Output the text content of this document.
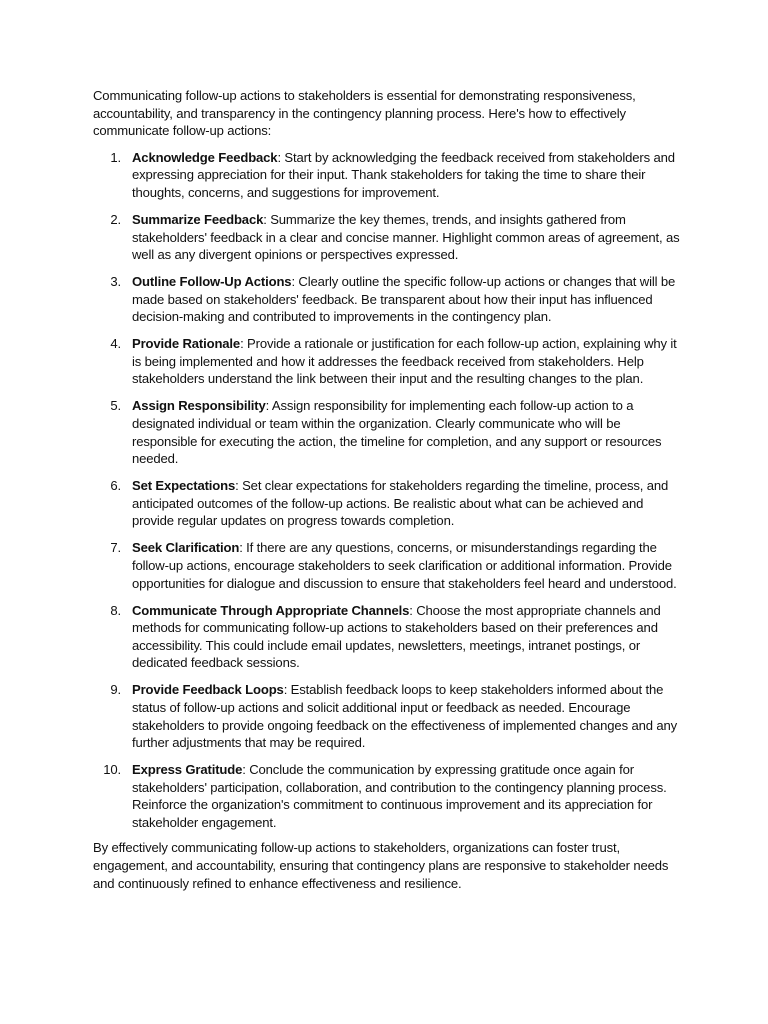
Communicating follow-up actions to stakeholders is essential for demonstrating responsiveness, accountability, and transparency in the contingency planning process. Here's how to effectively communicate follow-up actions:

1. Acknowledge Feedback: Start by acknowledging the feedback received from stakeholders and expressing appreciation for their input. Thank stakeholders for taking the time to share their thoughts, concerns, and suggestions for improvement.
2. Summarize Feedback: Summarize the key themes, trends, and insights gathered from stakeholders' feedback in a clear and concise manner. Highlight common areas of agreement, as well as any divergent opinions or perspectives expressed.
3. Outline Follow-Up Actions: Clearly outline the specific follow-up actions or changes that will be made based on stakeholders' feedback. Be transparent about how their input has influenced decision-making and contributed to improvements in the contingency plan.
4. Provide Rationale: Provide a rationale or justification for each follow-up action, explaining why it is being implemented and how it addresses the feedback received from stakeholders. Help stakeholders understand the link between their input and the resulting changes to the plan.
5. Assign Responsibility: Assign responsibility for implementing each follow-up action to a designated individual or team within the organization. Clearly communicate who will be responsible for executing the action, the timeline for completion, and any support or resources needed.
6. Set Expectations: Set clear expectations for stakeholders regarding the timeline, process, and anticipated outcomes of the follow-up actions. Be realistic about what can be achieved and provide regular updates on progress towards completion.
7. Seek Clarification: If there are any questions, concerns, or misunderstandings regarding the follow-up actions, encourage stakeholders to seek clarification or additional information. Provide opportunities for dialogue and discussion to ensure that stakeholders feel heard and understood.
8. Communicate Through Appropriate Channels: Choose the most appropriate channels and methods for communicating follow-up actions to stakeholders based on their preferences and accessibility. This could include email updates, newsletters, meetings, intranet postings, or dedicated feedback sessions.
9. Provide Feedback Loops: Establish feedback loops to keep stakeholders informed about the status of follow-up actions and solicit additional input or feedback as needed. Encourage stakeholders to provide ongoing feedback on the effectiveness of implemented changes and any further adjustments that may be required.
10. Express Gratitude: Conclude the communication by expressing gratitude once again for stakeholders' participation, collaboration, and contribution to the contingency planning process. Reinforce the organization's commitment to continuous improvement and its appreciation for stakeholder engagement.

By effectively communicating follow-up actions to stakeholders, organizations can foster trust, engagement, and accountability, ensuring that contingency plans are responsive to stakeholder needs and continuously refined to enhance effectiveness and resilience.
